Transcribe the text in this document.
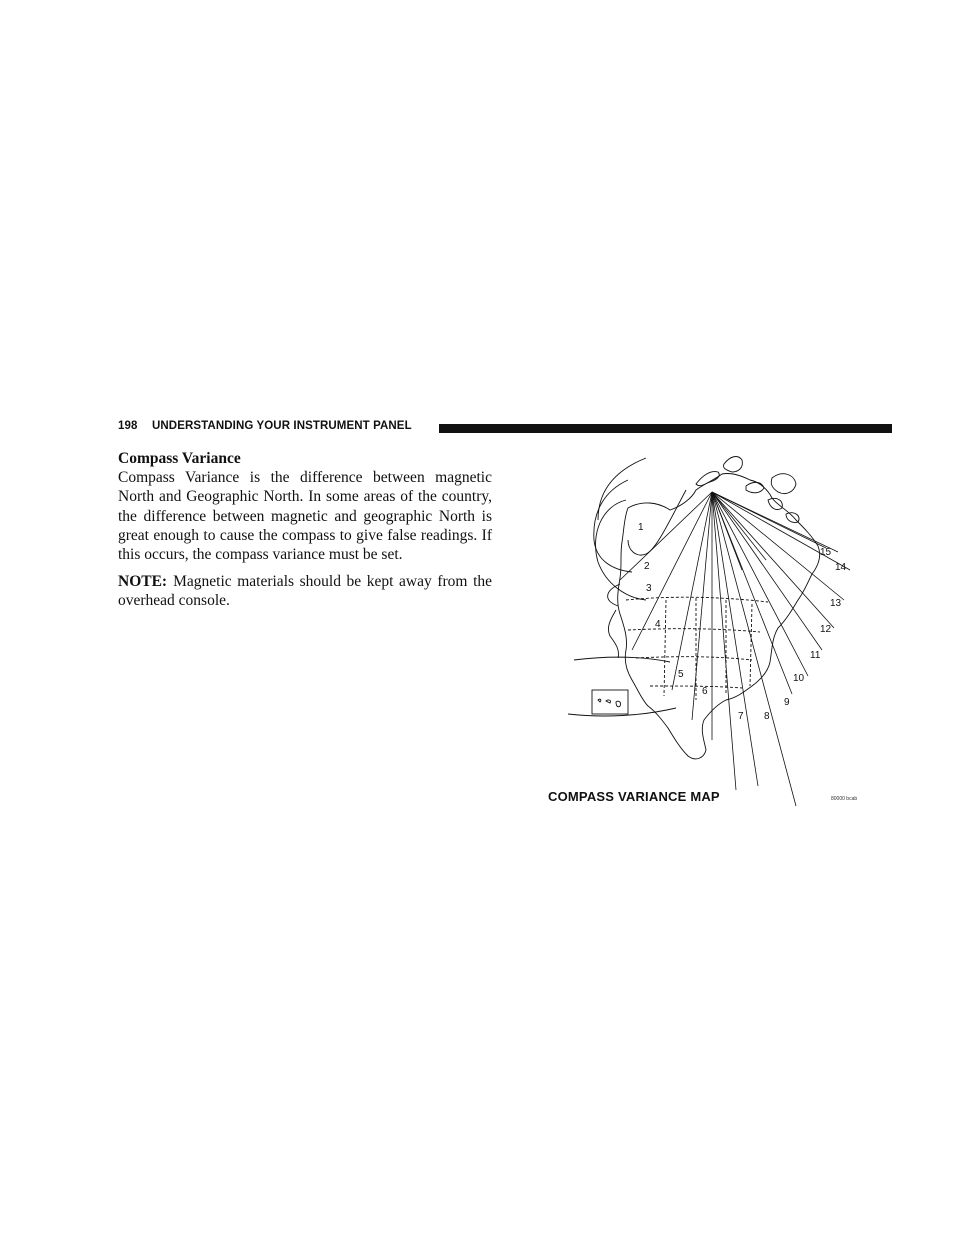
198 UNDERSTANDING YOUR INSTRUMENT PANEL

Compass Variance

Compass Variance is the difference between magnetic North and Geographic North. In some areas of the country, the difference between magnetic and geographic North is great enough to cause the compass to give false readings. If this occurs, the compass variance must be set.

NOTE: Magnetic materials should be kept away from the overhead console.

1
2
3
4
5
6
7 8
9
10
11
12
13
14
15
COMPASS VARIANCE MAP	80000 bcab
